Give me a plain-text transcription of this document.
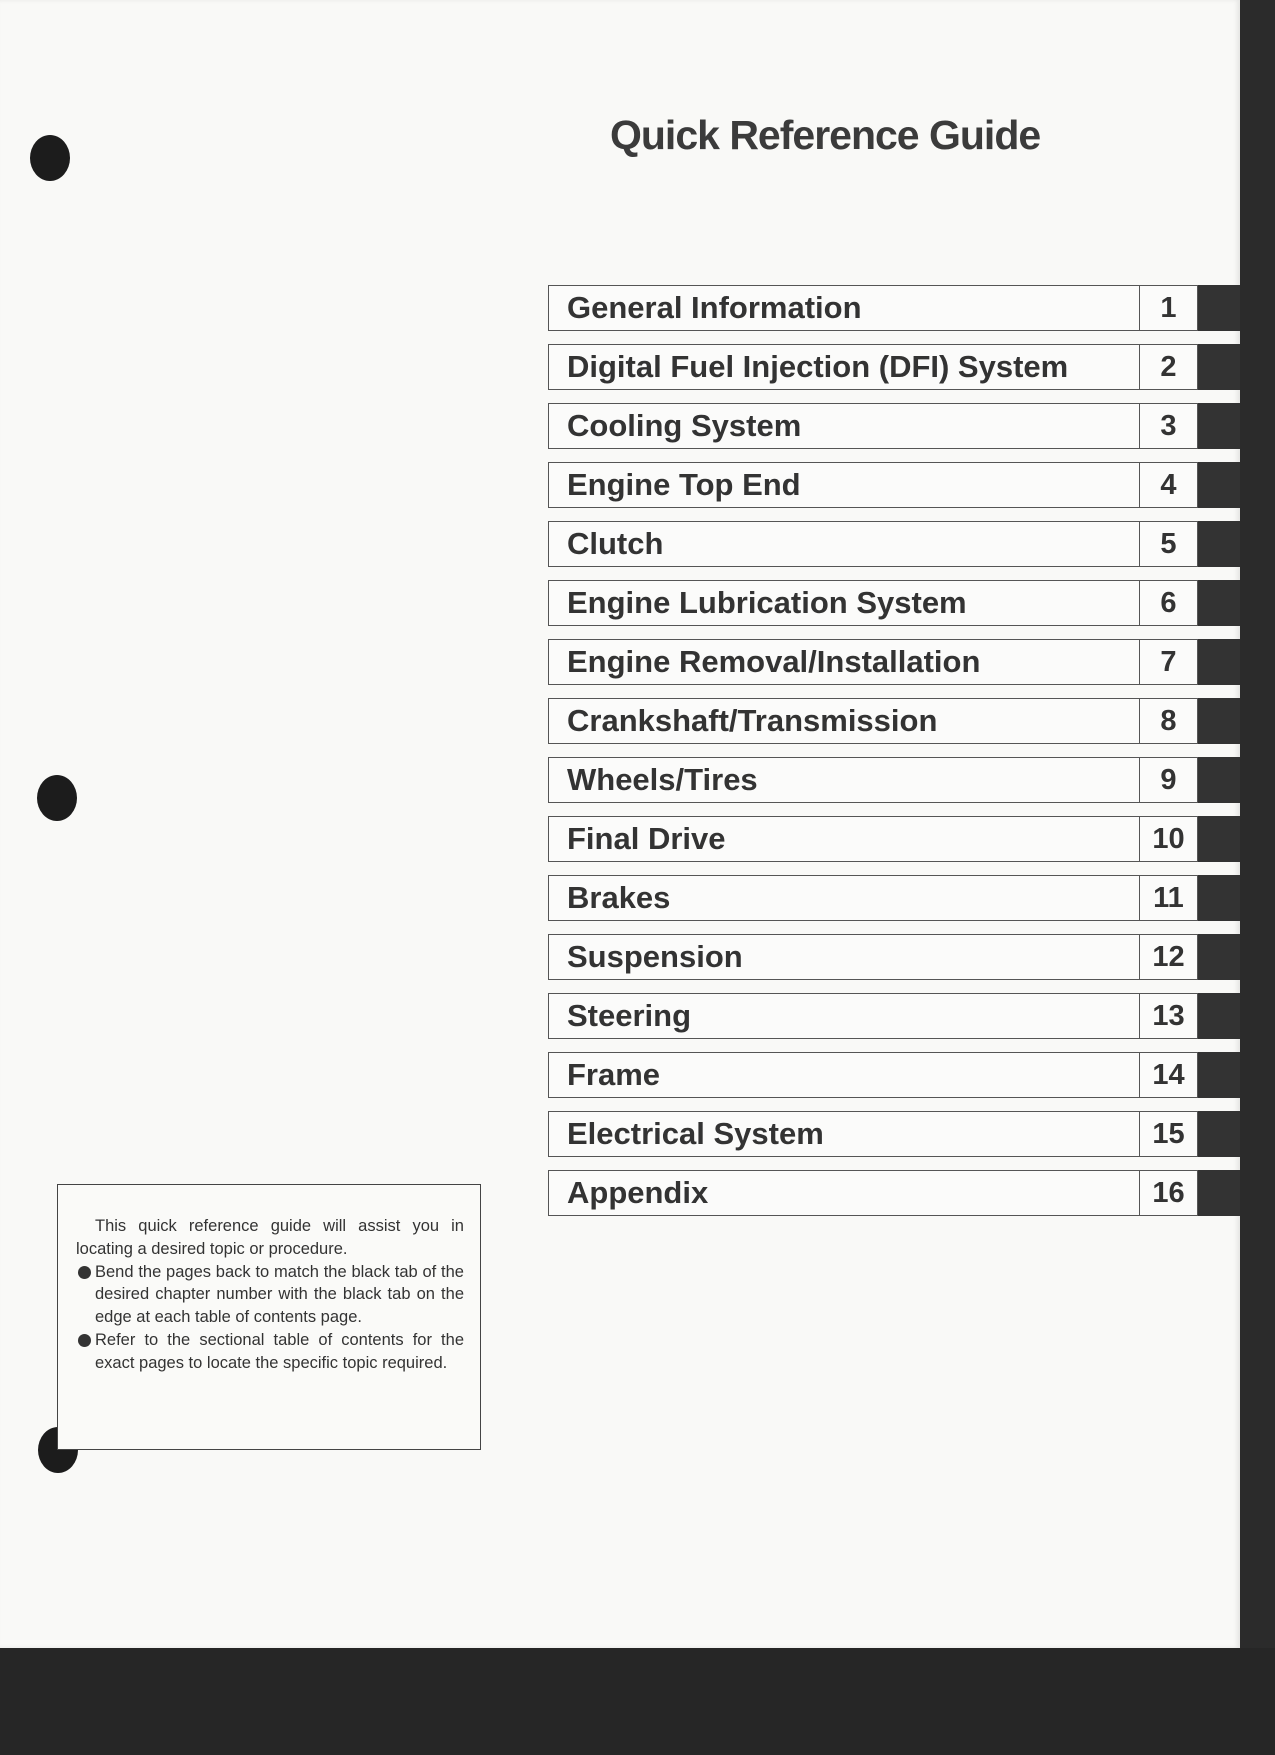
Quick Reference Guide
General Information	1
Digital Fuel Injection (DFI) System	2
Cooling System	3
Engine Top End	4
Clutch	5
Engine Lubrication System	6
Engine Removal/Installation	7
Crankshaft/Transmission	8
Wheels/Tires	9
Final Drive	10
Brakes	11
Suspension	12
Steering	13
Frame	14
Electrical System	15
Appendix	16

This quick reference guide will assist you in locating a desired topic or procedure.

Bend the pages back to match the black tab of the desired chapter number with the black tab on the edge at each table of contents page.

Refer to the sectional table of contents for the exact pages to locate the specific topic required.
